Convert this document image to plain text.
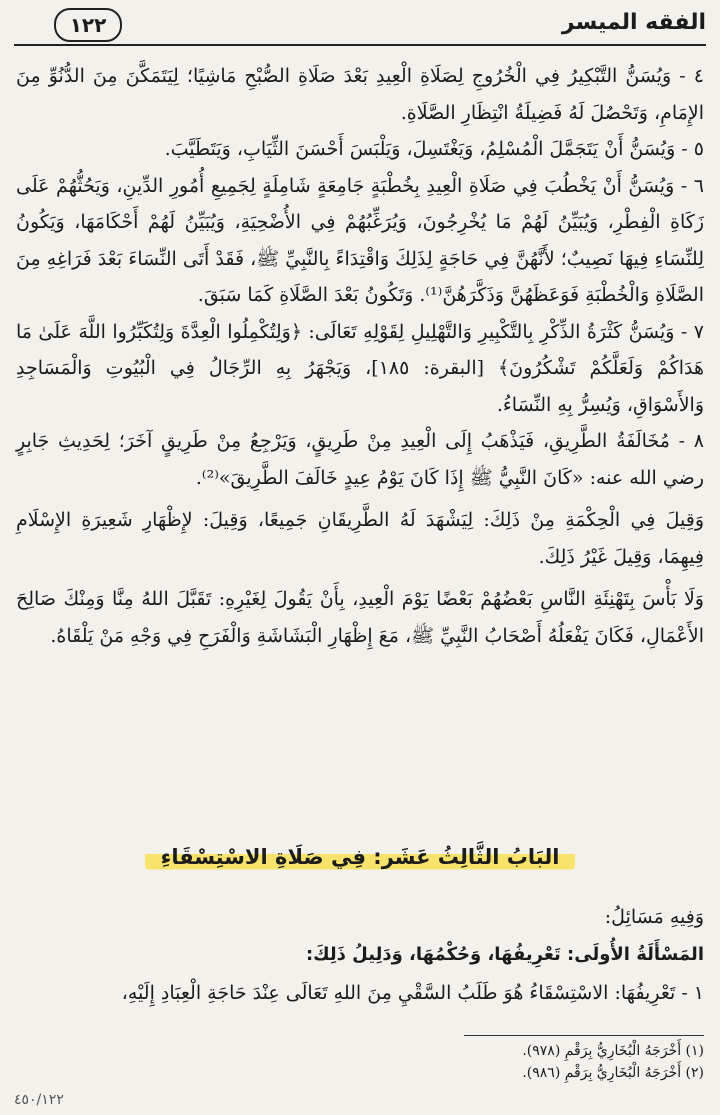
الفقه الميسر
١٢٢

٤ - وَيُسَنُّ التَّبْكِيرُ فِي الْخُرُوجِ لِصَلَاةِ الْعِيدِ بَعْدَ صَلَاةِ الصُّبْحِ مَاشِيًا؛ لِيَتَمَكَّنَ مِنَ الدُّنُوِّ مِنَ الإِمَامِ، وَتَحْصُلَ لَهُ فَضِيلَةُ انْتِظَارِ الصَّلَاةِ.

٥ - وَيُسَنُّ أَنْ يَتَجَمَّلَ الْمُسْلِمُ، وَيَغْتَسِلَ، وَيَلْبَسَ أَحْسَنَ الثِّيَابِ، وَيَتَطَيَّبَ.

٦ - وَيُسَنُّ أَنْ يَخْطُبَ فِي صَلَاةِ الْعِيدِ بِخُطْبَةٍ جَامِعَةٍ شَامِلَةٍ لِجَمِيعِ أُمُورِ الدِّينِ، وَيَحُثُّهُمْ عَلَى زَكَاةِ الْفِطْرِ، وَيُبَيِّنُ لَهُمْ مَا يُخْرِجُونَ، وَيُرَغِّبُهُمْ فِي الأُضْحِيَةِ، وَيُبَيِّنُ لَهُمْ أَحْكَامَهَا، وَيَكُونُ لِلنِّسَاءِ فِيهَا نَصِيبٌ؛ لأَنَّهُنَّ فِي حَاجَةٍ لِذَلِكَ وَاقْتِدَاءً بِالنَّبِيِّ ﷺ، فَقَدْ أَتَى النِّسَاءَ بَعْدَ فَرَاغِهِ مِنَ الصَّلَاةِ وَالْخُطْبَةِ فَوَعَظَهُنَّ وَذَكَّرَهُنَّ⁽¹⁾. وَتَكُونُ بَعْدَ الصَّلَاةِ كَمَا سَبَقَ.

٧ - وَيُسَنُّ كَثْرَةُ الذِّكْرِ بِالتَّكْبِيرِ وَالتَّهْلِيلِ لِقَوْلِهِ تَعَالَى: ﴿وَلِتُكْمِلُوا الْعِدَّةَ وَلِتُكَبِّرُوا اللَّهَ عَلَىٰ مَا هَدَاكُمْ وَلَعَلَّكُمْ تَشْكُرُونَ﴾ [البقرة: ١٨٥]، وَيَجْهَرُ بِهِ الرِّجَالُ فِي الْبُيُوتِ وَالْمَسَاجِدِ وَالأَسْوَاقِ، وَيُسِرُّ بِهِ النِّسَاءُ.

٨ - مُخَالَفَةُ الطَّرِيقِ، فَيَذْهَبُ إِلَى الْعِيدِ مِنْ طَرِيقٍ، وَيَرْجِعُ مِنْ طَرِيقٍ آخَرَ؛ لِحَدِيثِ جَابِرٍ رضي الله عنه: «كَانَ النَّبِيُّ ﷺ إِذَا كَانَ يَوْمُ عِيدٍ خَالَفَ الطَّرِيقَ»⁽²⁾.

وَقِيلَ فِي الْحِكْمَةِ مِنْ ذَلِكَ: لِيَشْهَدَ لَهُ الطَّرِيقَانِ جَمِيعًا، وَقِيلَ: لإِظْهَارِ شَعِيرَةِ الإِسْلَامِ فِيهِمَا، وَقِيلَ غَيْرُ ذَلِكَ.

وَلَا بَأْسَ بِتَهْنِئَةِ النَّاسِ بَعْضُهُمْ بَعْضًا يَوْمَ الْعِيدِ، بِأَنْ يَقُولَ لِغَيْرِهِ: تَقَبَّلَ اللهُ مِنَّا وَمِنْكَ صَالِحَ الأَعْمَالِ، فَكَانَ يَفْعَلُهُ أَصْحَابُ النَّبِيِّ ﷺ، مَعَ إِظْهَارِ الْبَشَاشَةِ وَالْفَرَحِ فِي وَجْهِ مَنْ يَلْقَاهُ.

البَابُ الثَّالِثُ عَشَر: فِي صَلَاةِ الاسْتِسْقَاءِ

وَفِيهِ مَسَائِلُ:

المَسْأَلَةُ الأُولَى: تَعْرِيفُهَا، وَحُكْمُهَا، وَدَلِيلُ ذَلِكَ:

١ - تَعْرِيفُهَا: الاسْتِسْقَاءُ هُوَ طَلَبُ السَّقْيِ مِنَ اللهِ تَعَالَى عِنْدَ حَاجَةِ الْعِبَادِ إِلَيْهِ،

(١) أَخْرَجَهُ الْبُخَارِيُّ بِرَقْمِ (٩٧٨).

(٢) أَخْرَجَهُ الْبُخَارِيُّ بِرَقْمِ (٩٨٦).

٤٥٠/١٢٢
